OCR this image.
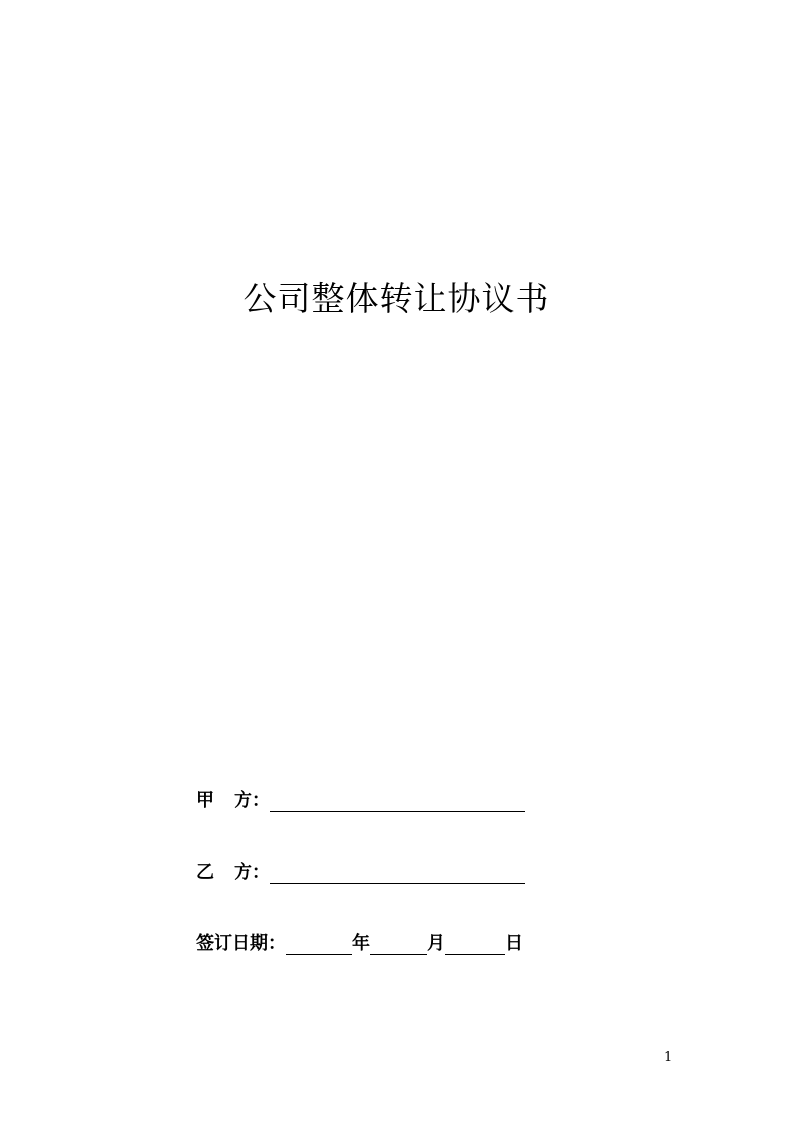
公司整体转让协议书
甲 方：
乙 方：
签订日期：	年	月	日
1
